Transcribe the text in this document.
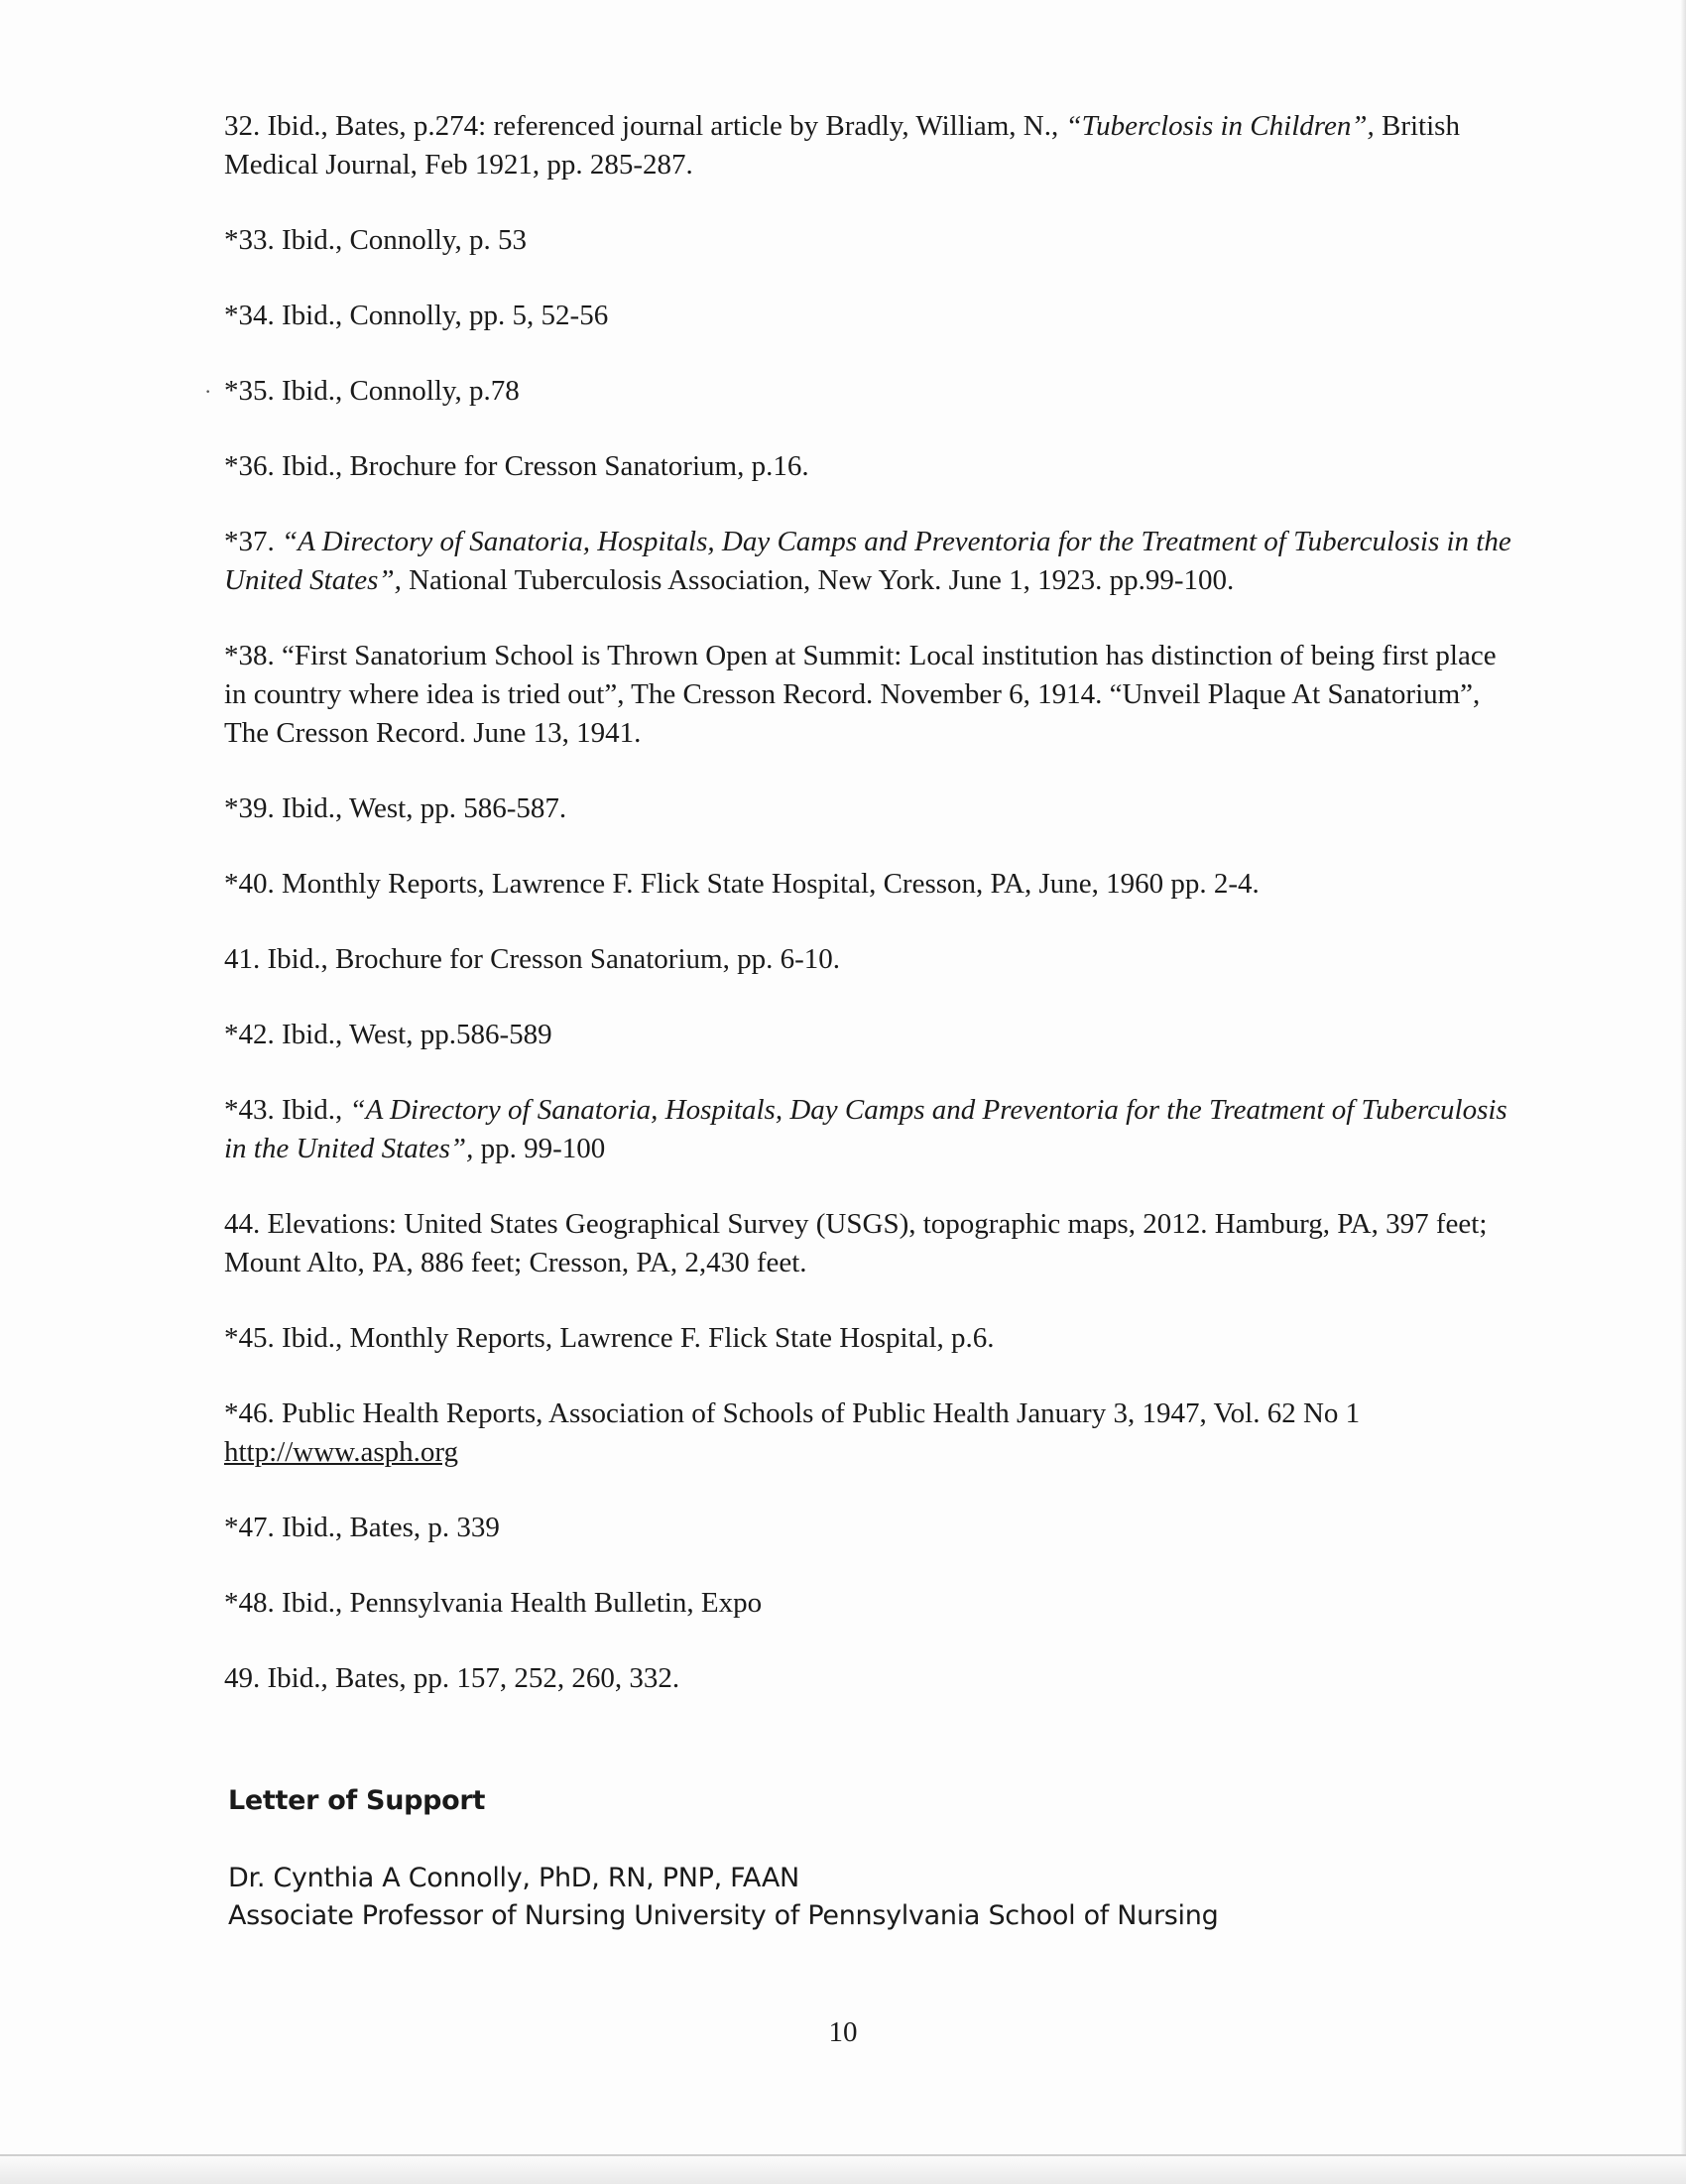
·

32. Ibid., Bates, p.274: referenced journal article by Bradly, William, N., “Tuberclosis in Children”, British Medical Journal, Feb 1921, pp. 285-287.

*33. Ibid., Connolly, p. 53

*34. Ibid., Connolly, pp. 5, 52-56

*35. Ibid., Connolly, p.78

*36. Ibid., Brochure for Cresson Sanatorium, p.16.

*37. “A Directory of Sanatoria, Hospitals, Day Camps and Preventoria for the Treatment of Tuberculosis in the United States”, National Tuberculosis Association, New York. June 1, 1923. pp.99-100.

*38. “First Sanatorium School is Thrown Open at Summit: Local institution has distinction of being first place in country where idea is tried out”, The Cresson Record. November 6, 1914. “Unveil Plaque At Sanatorium”, The Cresson Record. June 13, 1941.

*39. Ibid., West, pp. 586-587.

*40. Monthly Reports, Lawrence F. Flick State Hospital, Cresson, PA, June, 1960 pp. 2-4.

41. Ibid., Brochure for Cresson Sanatorium, pp. 6-10.

*42. Ibid., West, pp.586-589

*43. Ibid., “A Directory of Sanatoria, Hospitals, Day Camps and Preventoria for the Treatment of Tuberculosis in the United States”, pp. 99-100

44. Elevations: United States Geographical Survey (USGS), topographic maps, 2012. Hamburg, PA, 397 feet; Mount Alto, PA, 886 feet; Cresson, PA, 2,430 feet.

*45. Ibid., Monthly Reports, Lawrence F. Flick State Hospital, p.6.

*46. Public Health Reports, Association of Schools of Public Health January 3, 1947, Vol. 62 No 1 http://www.asph.org

*47. Ibid., Bates, p. 339

*48. Ibid., Pennsylvania Health Bulletin, Expo

49. Ibid., Bates, pp. 157, 252, 260, 332.

Letter of Support

Dr. Cynthia A Connolly, PhD, RN, PNP, FAAN

Associate Professor of Nursing University of Pennsylvania School of Nursing

10
